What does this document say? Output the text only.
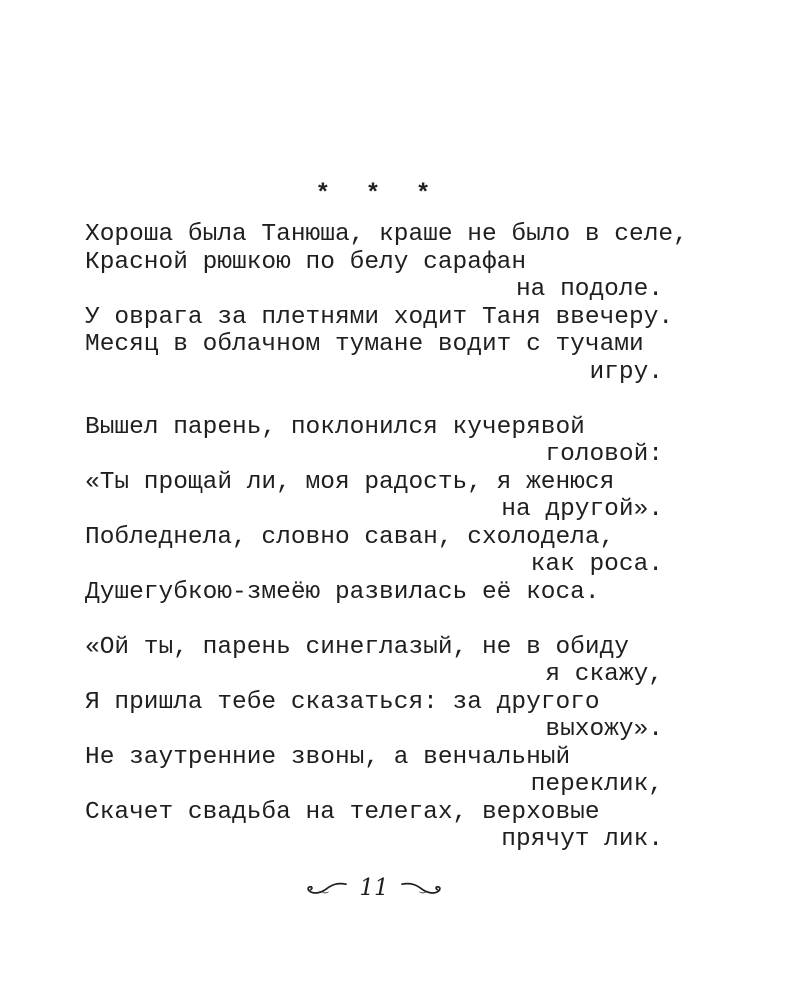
*  *  *
Хороша была Танюша, краше не было в селе,
Красной рюшкою по белу сарафан
на подоле.
У оврага за плетнями ходит Таня ввечеру.
Месяц в облачном тумане водит с тучами
игру.
Вышел парень, поклонился кучерявой
головой:
«Ты прощай ли, моя радость, я женюся
на другой».
Побледнела, словно саван, схолодела,
как роса.
Душегубкою-змеёю развилась её коса.
«Ой ты, парень синеглазый, не в обиду
я скажу,
Я пришла тебе сказаться: за другого
выхожу».
Не заутренние звоны, а венчальный
переклик,
Скачет свадьба на телегах, верховые
прячут лик.
11
